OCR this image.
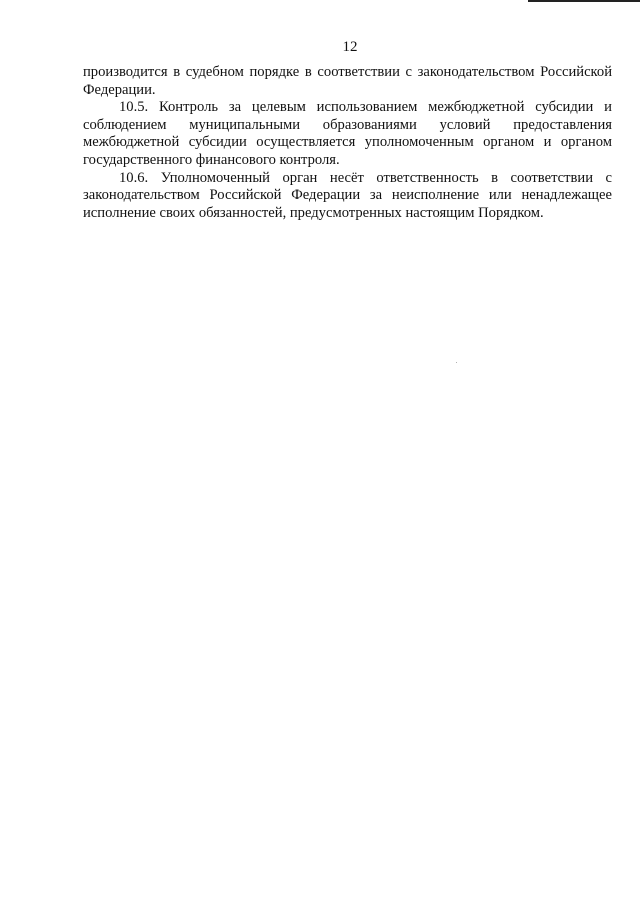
12

производится в судебном порядке в соответствии с законодательством Российской Федерации.

10.5. Контроль за целевым использованием межбюджетной субсидии и соблюдением муниципальными образованиями условий предоставления межбюджетной субсидии осуществляется уполномоченным органом и органом государственного финансового контроля.

10.6. Уполномоченный орган несёт ответственность в соответствии с законодательством Российской Федерации за неисполнение или ненадлежащее исполнение своих обязанностей, предусмотренных настоящим Порядком.
